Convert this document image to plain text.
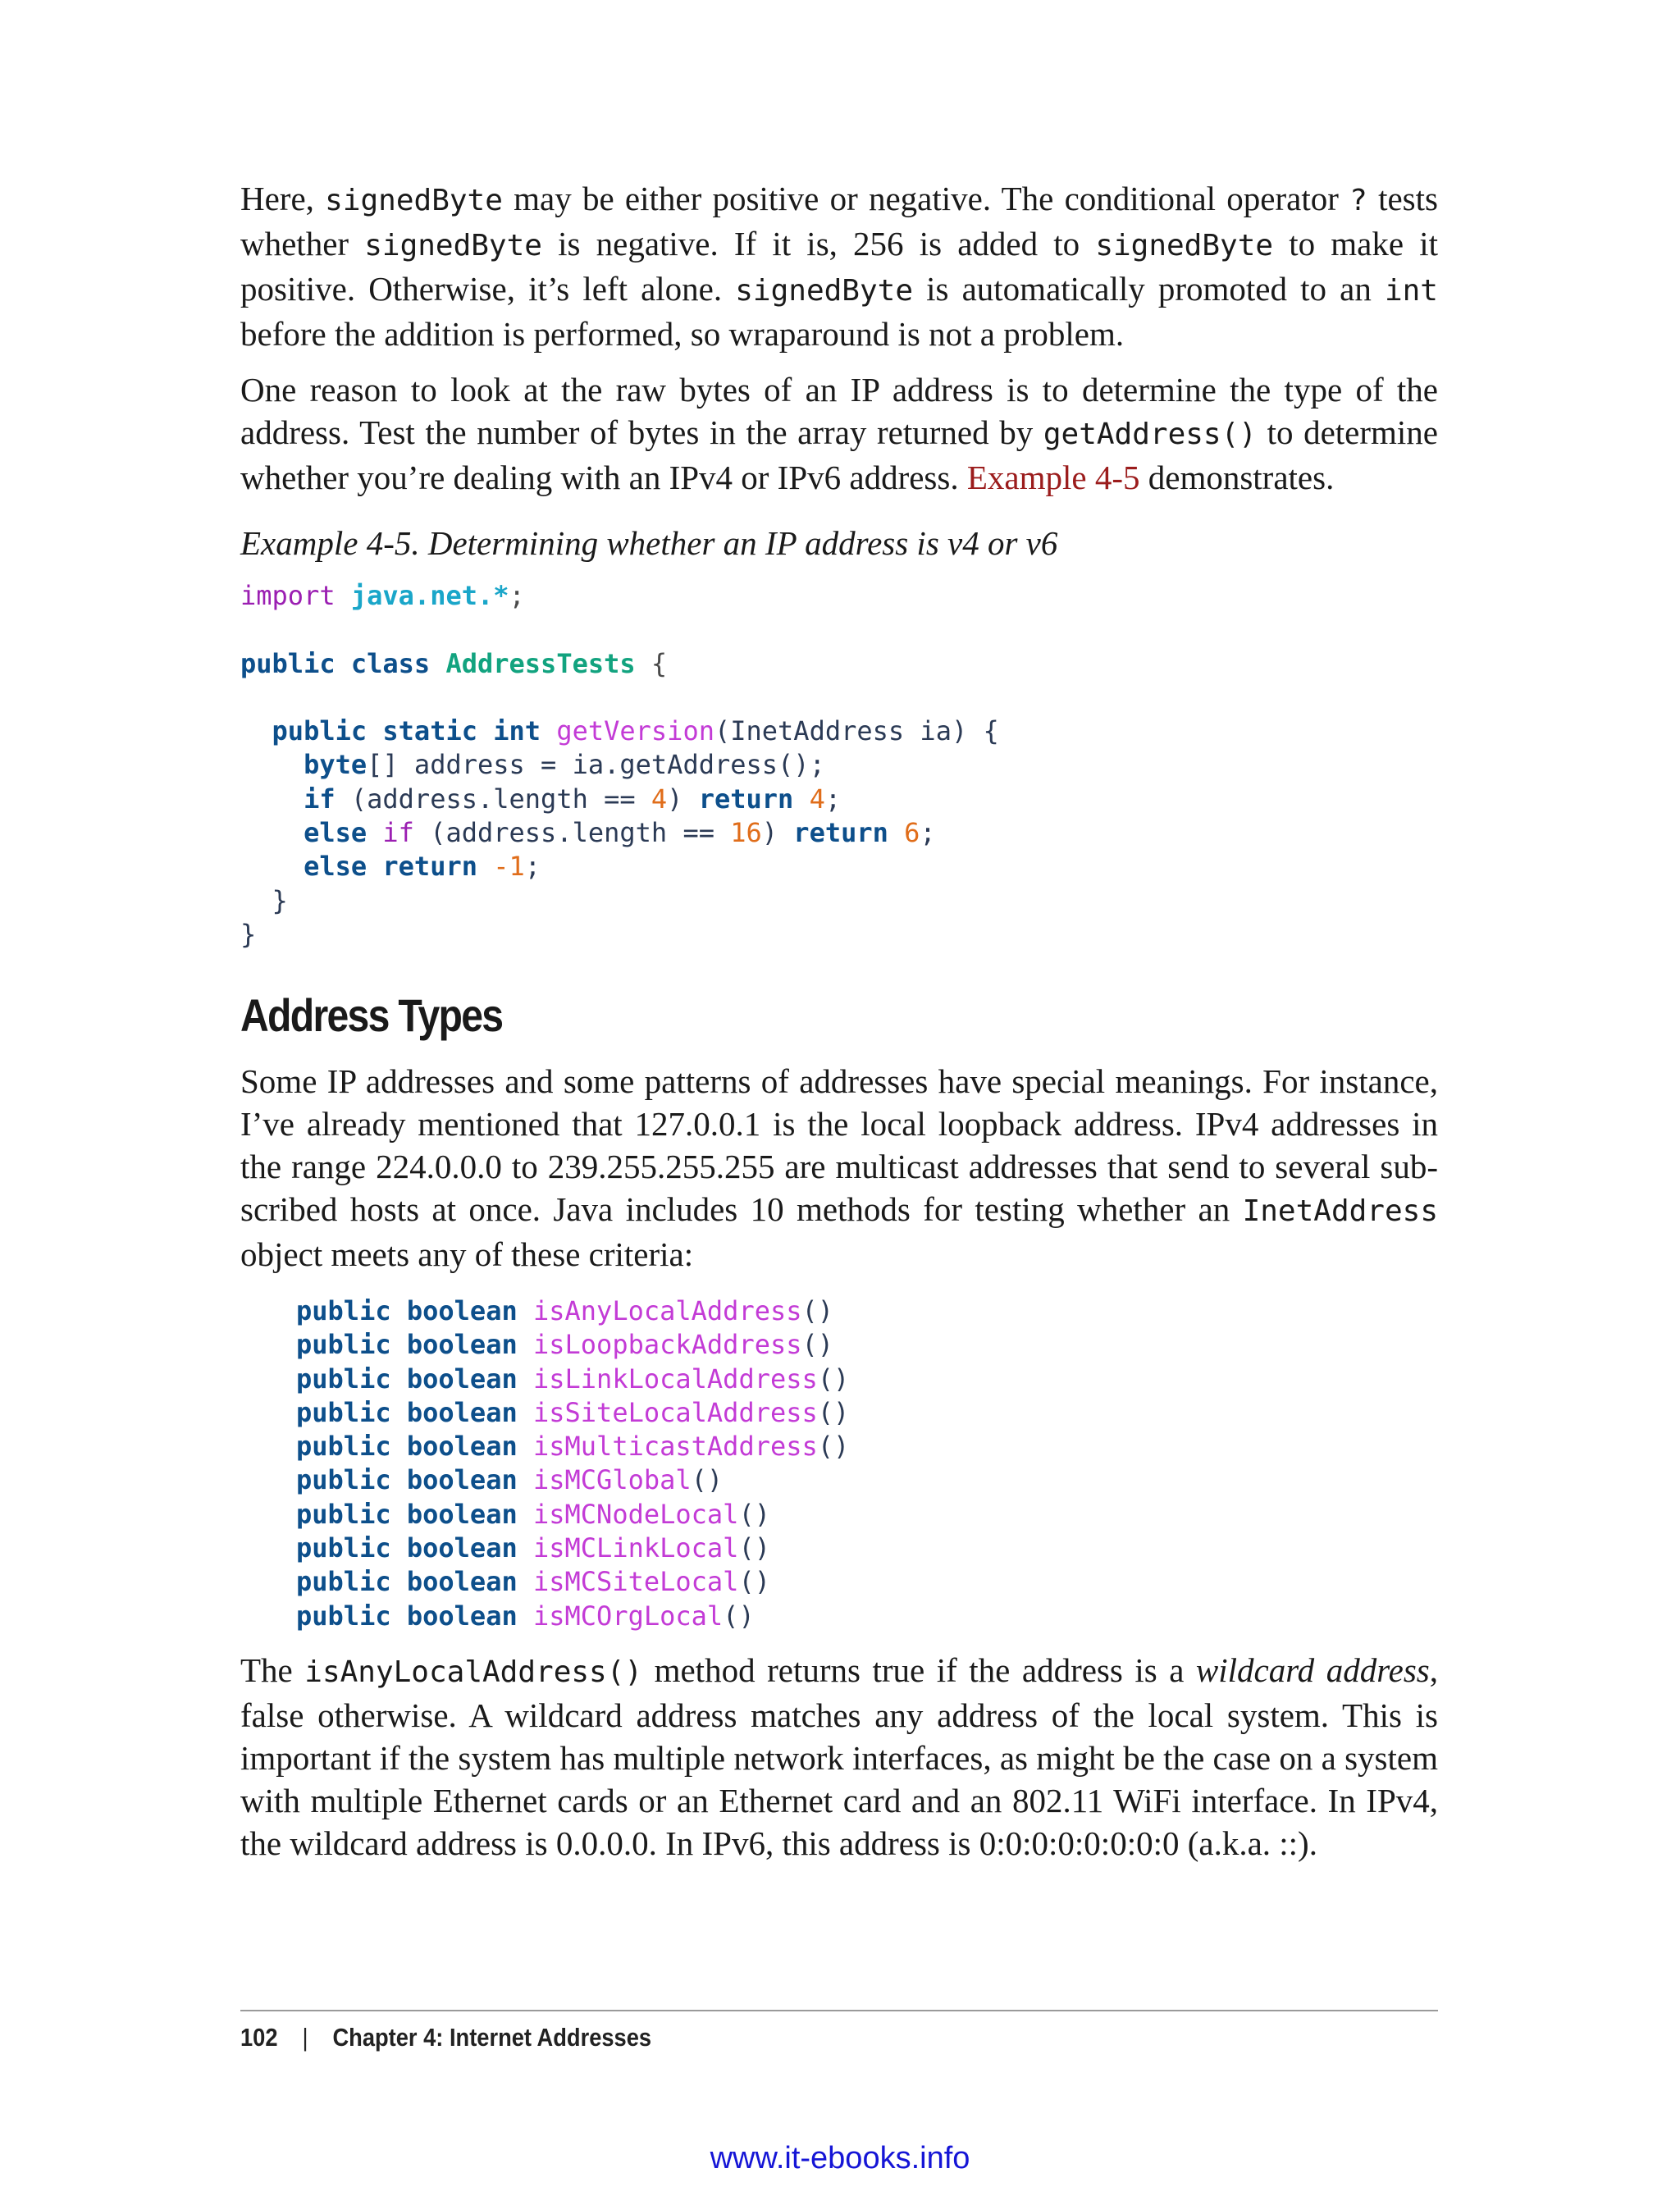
Here, signedByte may be either positive or negative. The conditional operator ? tests whether signedByte is negative. If it is, 256 is added to signedByte to make it positive. Otherwise, it’s left alone. signedByte is automatically promoted to an int before the addition is performed, so wraparound is not a problem.

One reason to look at the raw bytes of an IP address is to determine the type of the address. Test the number of bytes in the array returned by getAddress() to determine whether you’re dealing with an IPv4 or IPv6 address. Example 4-5 demonstrates.

Example 4-5. Determining whether an IP address is v4 or v6
import java.net.*;

public class AddressTests {

public static int getVersion(InetAddress ia) {
byte[] address = ia.getAddress();
if (address.length == 4) return 4;
else if (address.length == 16) return 6;
else return -1;
}
}
Address Types

Some IP addresses and some patterns of addresses have special meanings. For instance, I’ve already mentioned that 127.0.0.1 is the local loopback address. IPv4 addresses in the range 224.0.0.0 to 239.255.255.255 are multicast addresses that send to several sub‐ scribed hosts at once. Java includes 10 methods for testing whether an InetAddress object meets any of these criteria:

public boolean isAnyLocalAddress()
public boolean isLoopbackAddress()
public boolean isLinkLocalAddress()
public boolean isSiteLocalAddress()
public boolean isMulticastAddress()
public boolean isMCGlobal()
public boolean isMCNodeLocal()
public boolean isMCLinkLocal()
public boolean isMCSiteLocal()
public boolean isMCOrgLocal()

The isAnyLocalAddress() method returns true if the address is a wildcard address, false otherwise. A wildcard address matches any address of the local system. This is important if the system has multiple network interfaces, as might be the case on a system with multiple Ethernet cards or an Ethernet card and an 802.11 WiFi interface. In IPv4, the wildcard address is 0.0.0.0. In IPv6, this address is 0:0:0:0:0:0:0:0 (a.k.a. ::).

102 | Chapter 4: Internet Addresses
www.it-ebooks.info
